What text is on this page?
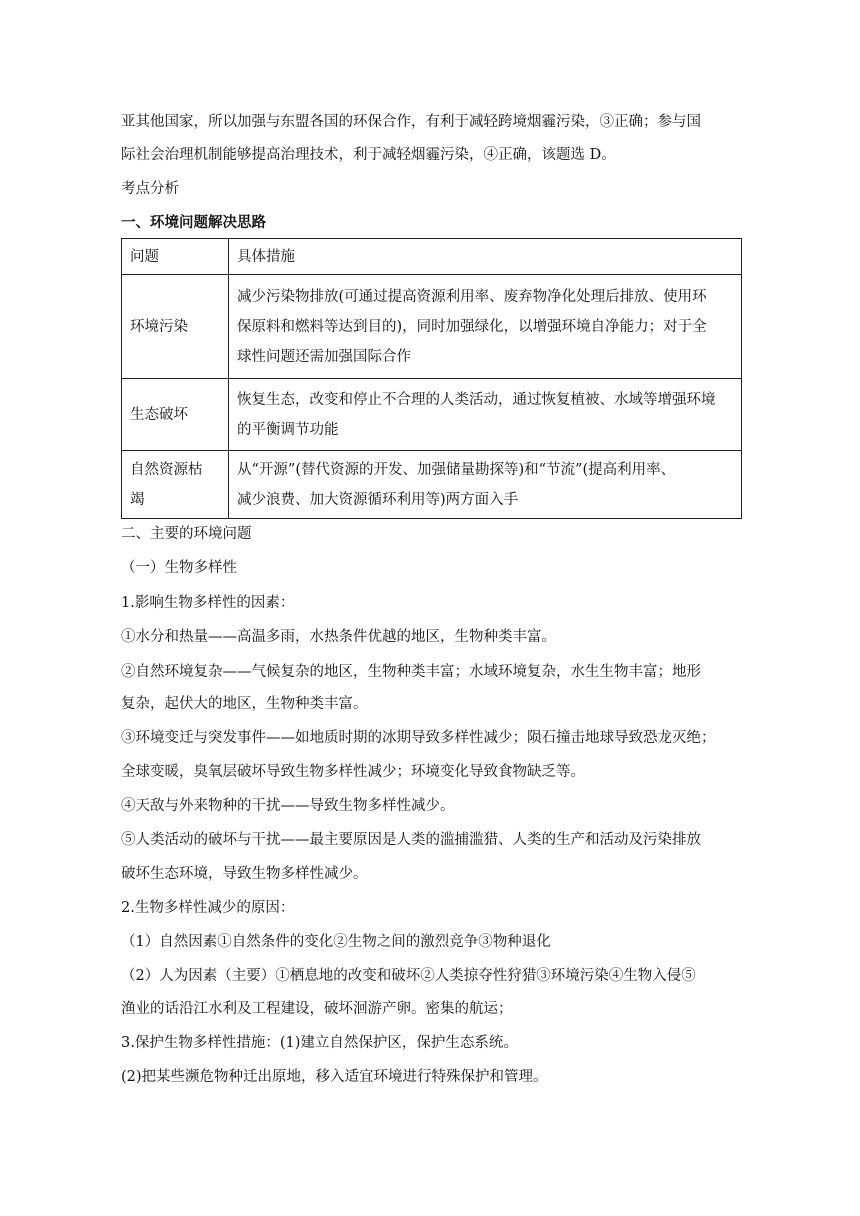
亚其他国家，所以加强与东盟各国的环保合作，有利于减轻跨境烟霾污染，③正确；参与国
际社会治理机制能够提高治理技术，利于减轻烟霾污染，④正确，该题选 D。
考点分析
一、环境问题解决思路
问题	具体措施

环境污染	减少污染物排放(可通过提高资源利用率、废弃物净化处理后排放、使用环
保原料和燃料等达到目的)，同时加强绿化，以增强环境自净能力；对于全
球性问题还需加强国际合作

生态破坏	恢复生态，改变和停止不合理的人类活动，通过恢复植被、水域等增强环境
的平衡调节功能

自然资源枯
竭	从“开源”(替代资源的开发、加强储量勘探等)和“节流”(提高利用率、
减少浪费、加大资源循环利用等)两方面入手
二、主要的环境问题
（一）生物多样性
1.影响生物多样性的因素：
①水分和热量——高温多雨，水热条件优越的地区，生物种类丰富。
②自然环境复杂——气候复杂的地区，生物种类丰富；水域环境复杂，水生生物丰富；地形
复杂，起伏大的地区，生物种类丰富。
③环境变迁与突发事件——如地质时期的冰期导致多样性减少；陨石撞击地球导致恐龙灭绝；
全球变暖，臭氧层破坏导致生物多样性减少；环境变化导致食物缺乏等。
④天敌与外来物种的干扰——导致生物多样性减少。
⑤人类活动的破坏与干扰——最主要原因是人类的滥捕滥猎、人类的生产和活动及污染排放
破坏生态环境，导致生物多样性减少。
2.生物多样性减少的原因：
（1）自然因素①自然条件的变化②生物之间的激烈竞争③物种退化
（2）人为因素（主要）①栖息地的改变和破坏②人类掠夺性狩猎③环境污染④生物入侵⑤
渔业的话沿江水利及工程建设，破坏洄游产卵。密集的航运；
3.保护生物多样性措施：(1)建立自然保护区，保护生态系统。
(2)把某些濒危物种迁出原地，移入适宜环境进行特殊保护和管理。
